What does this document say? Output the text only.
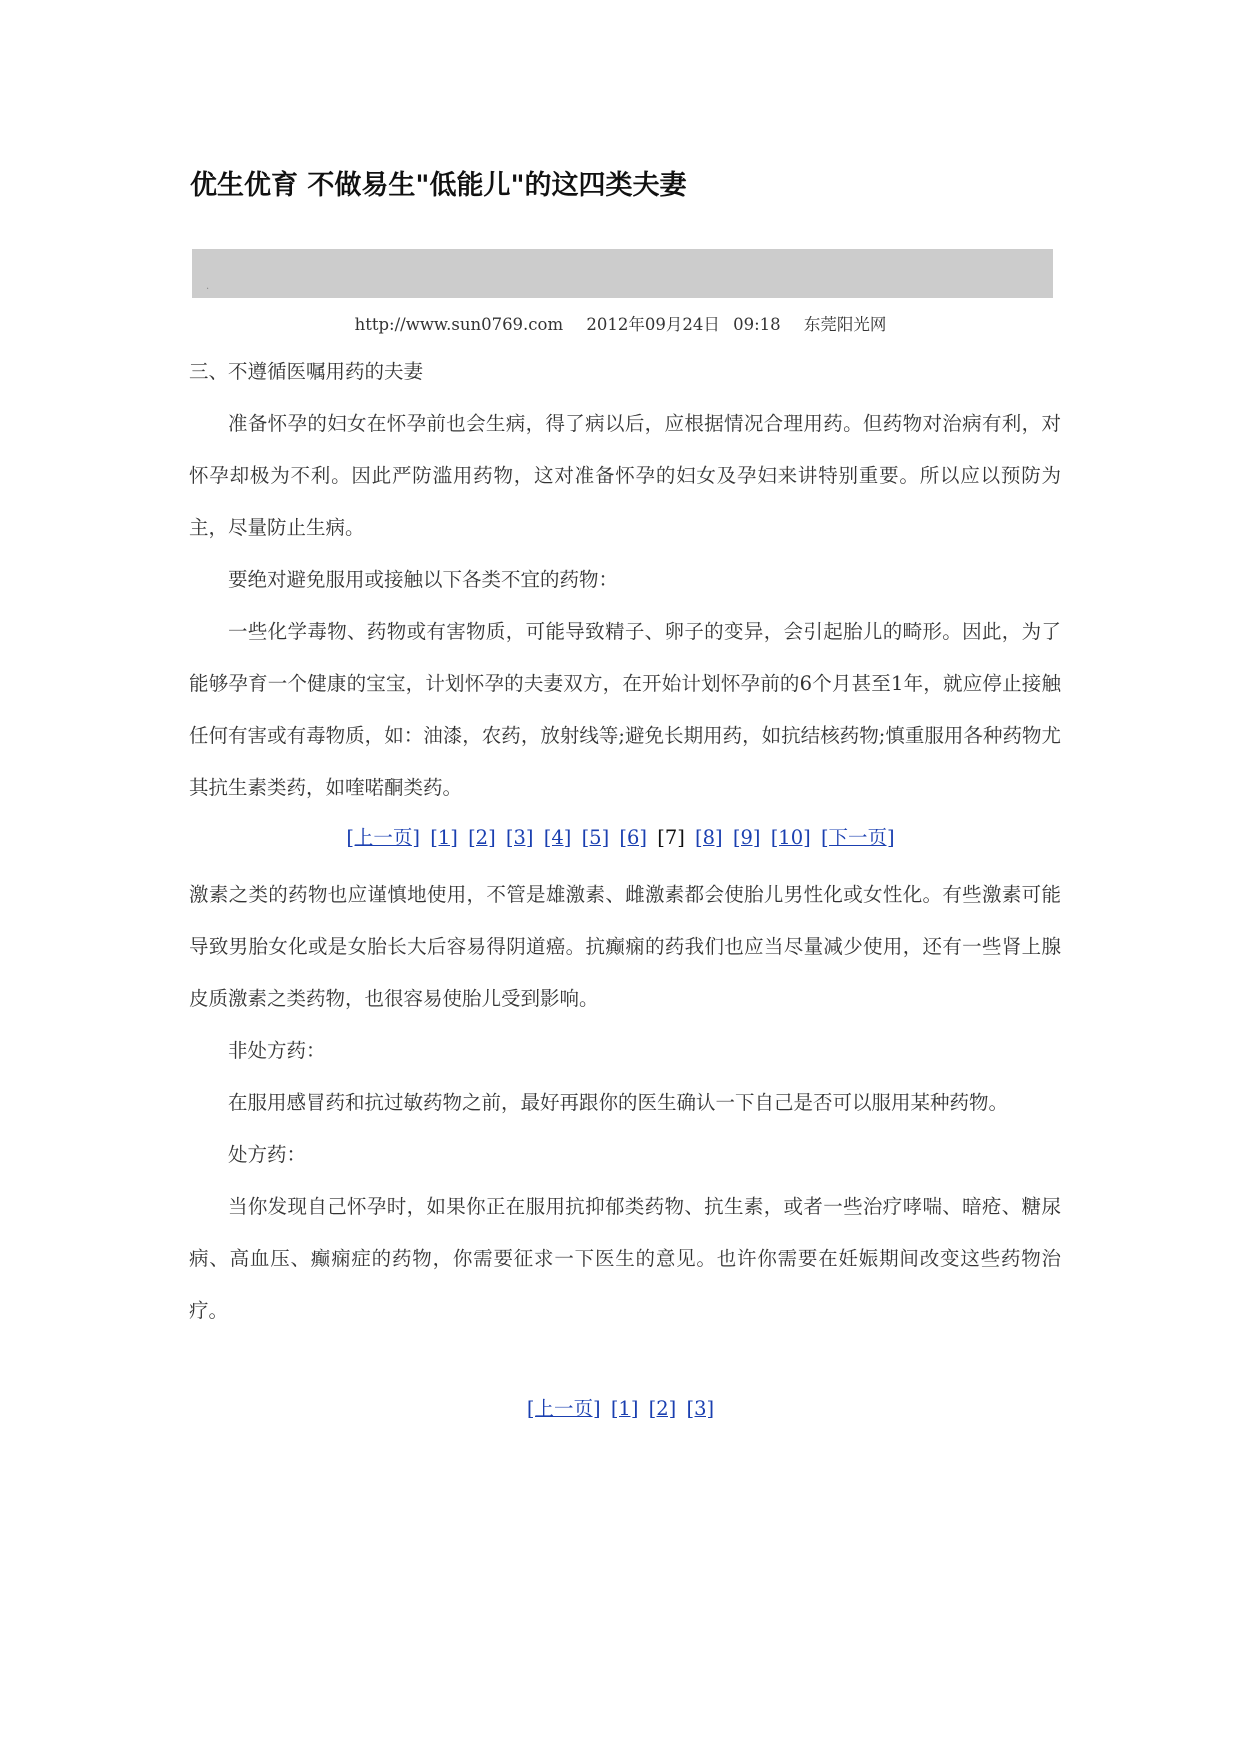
优生优育 不做易生"低能儿"的这四类夫妻
.
http://www.sun0769.com 2012年09月24日 09:18 东莞阳光网

三、不遵循医嘱用药的夫妻

准备怀孕的妇女在怀孕前也会生病，得了病以后，应根据情况合理用药。但药物对治病有利，对怀孕却极为不利。因此严防滥用药物，这对准备怀孕的妇女及孕妇来讲特别重要。所以应以预防为主，尽量防止生病。

要绝对避免服用或接触以下各类不宜的药物：

一些化学毒物、药物或有害物质，可能导致精子、卵子的变异，会引起胎儿的畸形。因此，为了能够孕育一个健康的宝宝，计划怀孕的夫妻双方，在开始计划怀孕前的6个月甚至1年，就应停止接触任何有害或有毒物质，如：油漆，农药，放射线等;避免长期用药，如抗结核药物;慎重服用各种药物尤其抗生素类药，如喹喏酮类药。

[上一页] [1] [2] [3] [4] [5] [6] [7] [8] [9] [10] [下一页]

激素之类的药物也应谨慎地使用，不管是雄激素、雌激素都会使胎儿男性化或女性化。有些激素可能导致男胎女化或是女胎长大后容易得阴道癌。抗癫痫的药我们也应当尽量减少使用，还有一些肾上腺皮质激素之类药物，也很容易使胎儿受到影响。

非处方药：

在服用感冒药和抗过敏药物之前，最好再跟你的医生确认一下自己是否可以服用某种药物。

处方药：

当你发现自己怀孕时，如果你正在服用抗抑郁类药物、抗生素，或者一些治疗哮喘、暗疮、糖尿病、高血压、癫痫症的药物，你需要征求一下医生的意见。也许你需要在妊娠期间改变这些药物治疗。

[上一页] [1] [2] [3]
